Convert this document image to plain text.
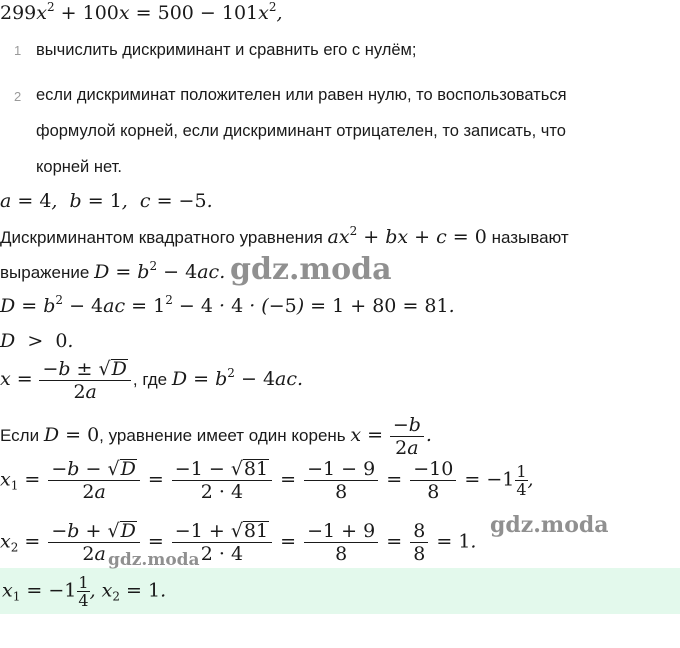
$299x^2 + 100x = 500 - 101x^2$,
1 вычислить дискриминант и сравнить его с нулём;
2 если дискриминат положителен или равен нулю, то воспользоваться
формулой корней, если дискриминант отрицателен, то записать, что
корней нет.
a = 4,  b = 1,  c = −5.
Дискриминантом квадратного уравнения $ax^2$ + bx + c = 0 называют
выражение $D = b^2 - 4ac$.
$D = b^2 - 4ac = 1^2 - 4 \cdot 4 \cdot (-5) = 1 + 80 = 81$.
D  >  0.
$x = \frac{-b \pm √D}{2a}$ , где $D = b^2 - 4ac$.
Если D = 0, уравнение имеет один корень $x = \frac{-b}{2a}$ .
$x_1 = \frac{-b - √D}{2a} = \frac{-1 - √81}{2 \cdot 4} = \frac{-1 - 9}{8} = \frac{-10}{8} = -1 \frac{1}{4}$ ,
$x_2 = \frac{-b + √D}{2a} = \frac{-1 + √81}{2 \cdot 4} = \frac{-1 + 9}{8} = \frac{8}{8} = 1$.
$x_1 = -1 \frac{1}{4}$ , $x_2 = 1$.
gdz.moda
gdz.moda
gdz.moda
